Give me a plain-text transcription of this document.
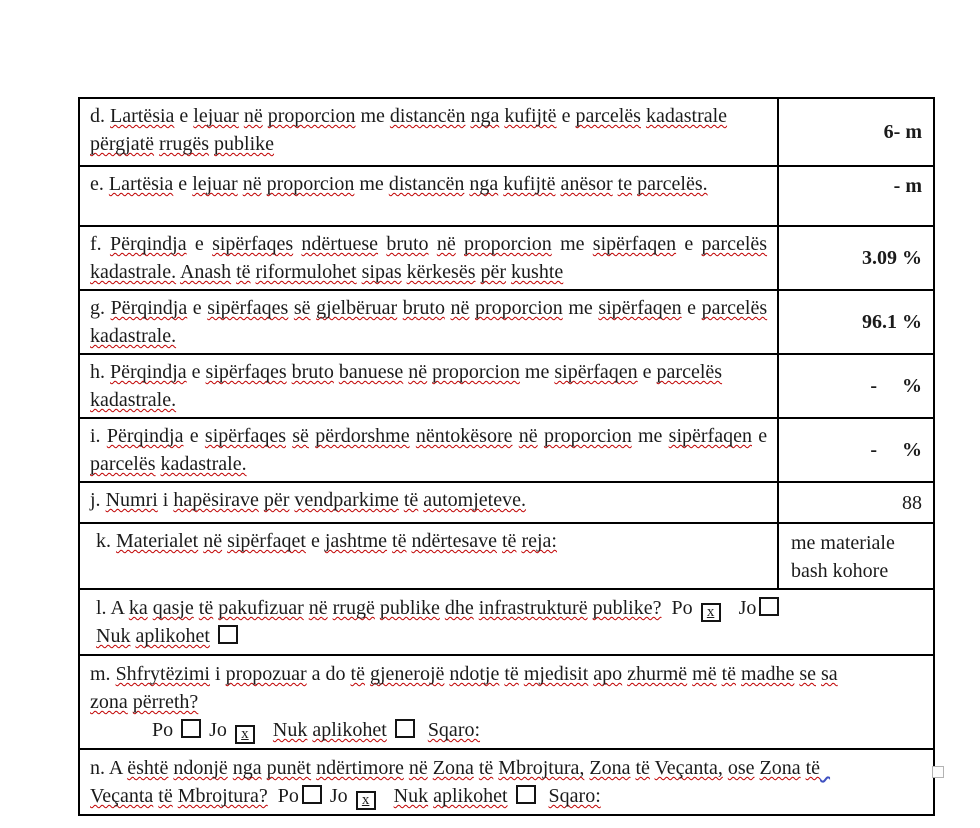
d. Lartësia e lejuar në proporcion me distancën nga kufijtë e parcelës kadastrale përgjatë rrugës publike	6- m
e. Lartësia e lejuar në proporcion me distancën nga kufijtë anësor te parcelës.	- m
f. Përqindja e sipërfaqes ndërtuese bruto në proporcion me sipërfaqen e parcelës kadastrale. Anash të riformulohet sipas kërkesës për kushte	3.09 %
g. Përqindja e sipërfaqes së gjelbëruar bruto në proporcion me sipërfaqen e parcelës kadastrale.	96.1 %
h. Përqindja e sipërfaqes bruto banuese në proporcion me sipërfaqen e parcelës kadastrale.	-     %
i. Përqindja e sipërfaqes së përdorshme nëntokësore në proporcion me sipërfaqen e parcelës kadastrale.	-     %
j. Numri i hapësirave për vendparkime të automjeteve.	88
k. Materialet në sipërfaqet e jashtme të ndërtesave të reja:	me materiale bash kohore

l. A ka qasje të pakufizuar në rrugë publike dhe infrastrukturë publike? Po x Jo
Nuk aplikohet	

m. Shfrytëzimi i propozuar a do të gjenerojë ndotje të mjedisit apo zhurmë më të madhe se sa
zona përreth?
Po Jo x Nuk aplikohet Sqaro:	

n. A është ndonjë nga punët ndërtimore në Zona të Mbrojtura, Zona të Veçanta, ose Zona të
Veçanta të Mbrojtura? Po Jo x Nuk aplikohet Sqaro:	
